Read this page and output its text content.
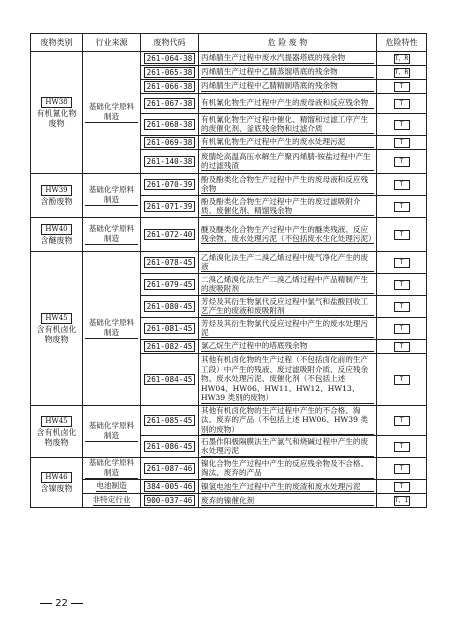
废物类别	行业来源	废物代码	危 险 废 物	危险特性
HW38
有机氰化物废物	基础化学原料制造	261-064-38	丙烯腈生产过程中废水汽提器塔底的残余物	T，R
		261-065-38	丙烯腈生产过程中乙腈蒸馏塔底的残余物	T，R
		261-066-38	丙烯腈生产过程中乙腈精制塔底的残余物	T
		261-067-38	有机氰化物生产过程中产生的废母液和反应残余物	T
		261-068-38	有机氰化物生产过程中催化、精馏和过滤工序产生的废催化剂、釜底残余物和过滤介质	T
		261-069-38	有机氰化物生产过程中产生的废水处理污泥	T
		261-140-38	废腈纶高温高压水解生产聚丙烯腈-铵盐过程中产生的过滤残渣	T
HW39
含酚废物	基础化学原料制造	261-070-39	酚及酚类化合物生产过程中产生的废母液和反应残余物	T
		261-071-39	酚及酚类化合物生产过程中产生的废过滤吸附介质、废催化剂、精馏残余物	T
HW40
含醚废物	基础化学原料制造	261-072-40	醚及醚类化合物生产过程中产生的醚类残液、反应残余物、废水处理污泥（不包括废水生化处理污泥）	T
HW45
含有机卤化物废物	基础化学原料制造	261-078-45	乙烯溴化法生产二溴乙烯过程中废气净化产生的废液	T
		261-079-45	二溴乙烯溴化法生产二溴乙烯过程中产品精制产生的废吸附剂	T
		261-080-45	芳烃及其衍生物氯代反应过程中氯气和盐酸回收工艺产生的废液和废吸附剂	T
		261-081-45	芳烃及其衍生物氯代反应过程中产生的废水处理污泥	T
		261-082-45	氯乙烷生产过程中的塔底残余物	T
		261-084-45	其他有机卤化物的生产过程（不包括卤化前的生产工段）中产生的残液、废过滤吸附介质、反应残余物、废水处理污泥、废催化剂（不包括上述HW04、HW06、HW11、HW12、HW13、HW39 类别的废物）	T
HW45
含有机卤化物废物	基础化学原料制造	261-085-45	其他有机卤化物的生产过程中产生的不合格、淘汰、废弃的产品（不包括上述 HW06、HW39 类别的废物）	T
		261-086-45	石墨作阳极隔膜法生产氯气和烧碱过程中产生的废水处理污泥	T
HW46
含镍废物	基础化学原料制造	261-087-46	镍化合物生产过程中产生的反应残余物及不合格、淘汰、废弃的产品	T
	电池制造	384-005-46	镍氢电池生产过程中产生的废渣和废水处理污泥	T
	非特定行业	900-037-46	废弃的镍催化剂	T，I
22
